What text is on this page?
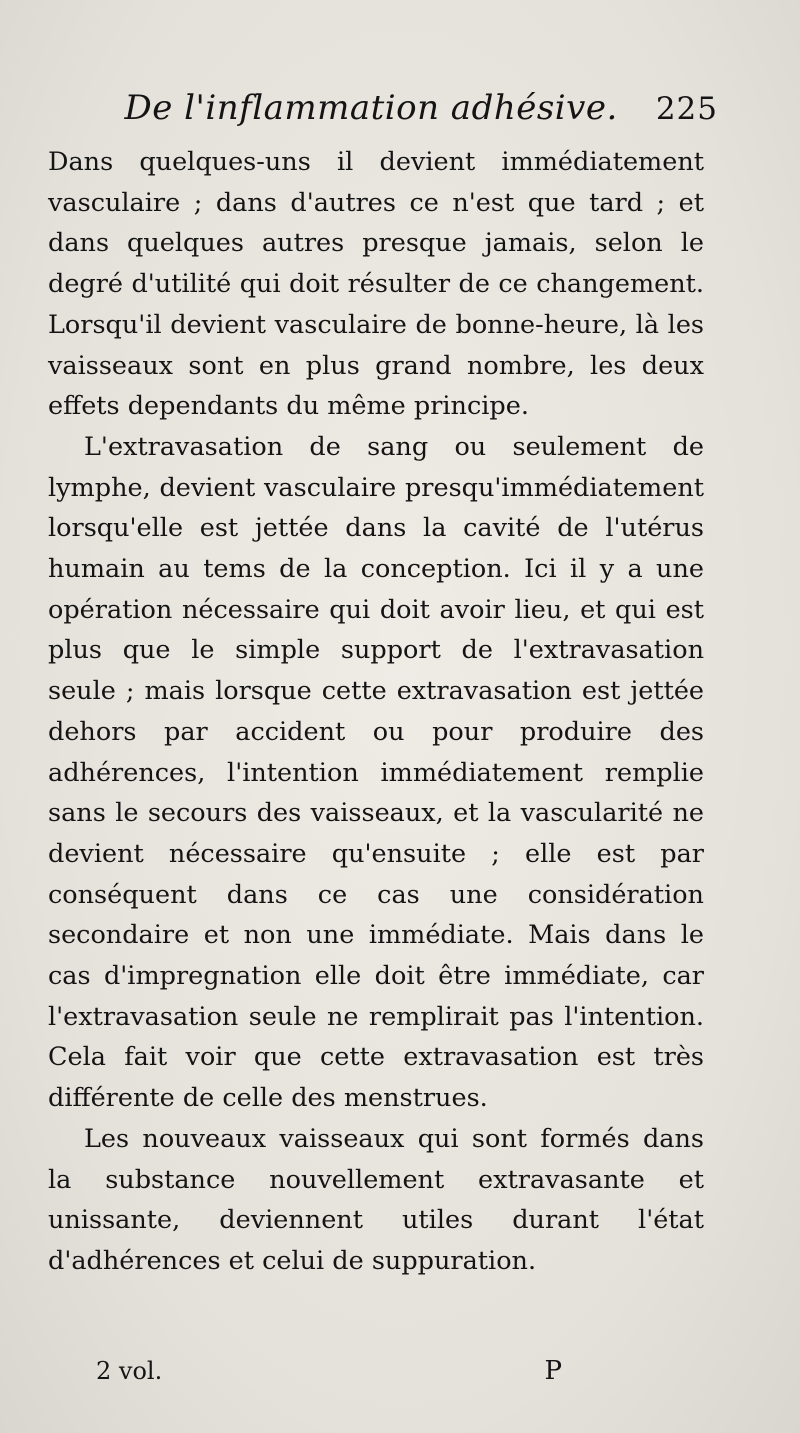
De l'inflammation adhésive. 225

Dans quelques-uns il devient immédiatement vasculaire ; dans d'autres ce n'est que tard ; et dans quelques autres presque jamais, selon le degré d'utilité qui doit résulter de ce changement. Lorsqu'il devient vasculaire de bonne-heure, là les vaisseaux sont en plus grand nombre, les deux effets dependants du même principe.

L'extravasation de sang ou seulement de lymphe, devient vasculaire presqu'immédiatement lorsqu'elle est jettée dans la cavité de l'utérus humain au tems de la conception. Ici il y a une opération nécessaire qui doit avoir lieu, et qui est plus que le simple support de l'extravasation seule ; mais lorsque cette extravasation est jettée dehors par accident ou pour produire des adhérences, l'intention immédiatement remplie sans le secours des vaisseaux, et la vascularité ne devient nécessaire qu'ensuite ; elle est par conséquent dans ce cas une considération secondaire et non une immédiate. Mais dans le cas d'impregnation elle doit être immédiate, car l'extravasation seule ne remplirait pas l'intention. Cela fait voir que cette extravasation est très différente de celle des menstrues.

Les nouveaux vaisseaux qui sont formés dans la substance nouvellement extravasante et unissante, deviennent utiles durant l'état d'adhérences et celui de suppuration.

2 vol.	P
